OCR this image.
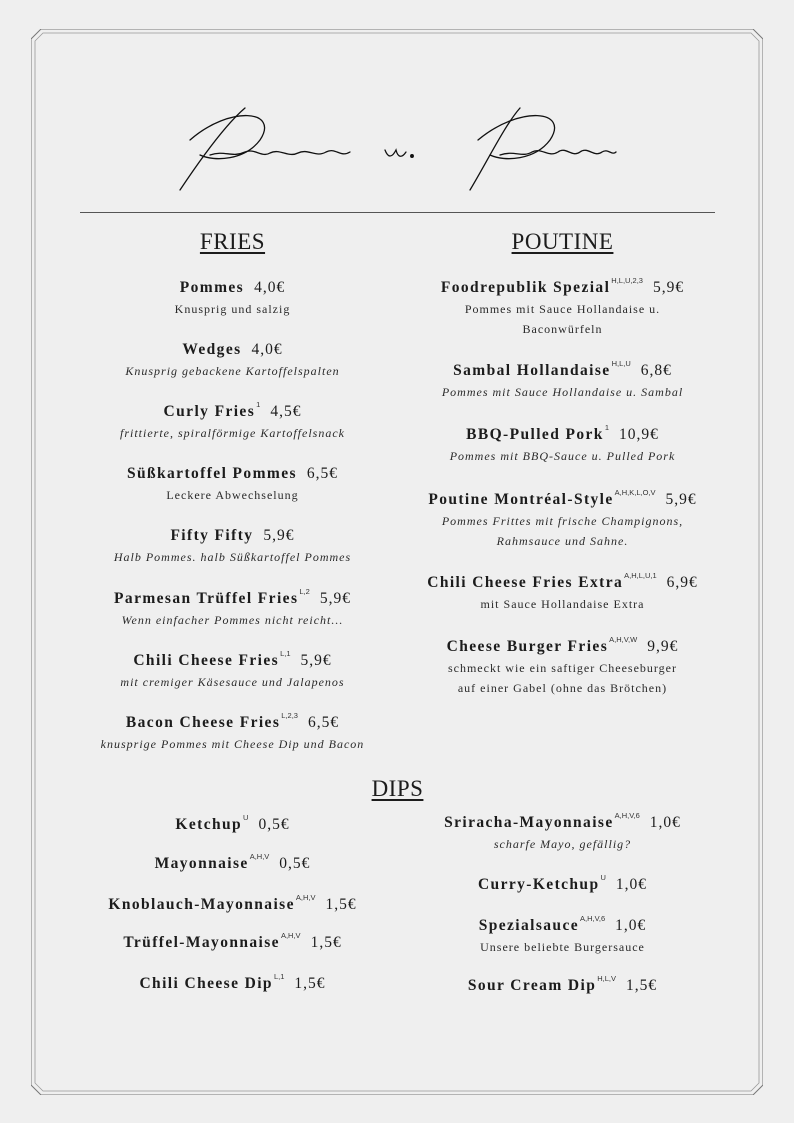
FRIES
Pommes 4,0€
Knusprig und salzig
Wedges 4,0€
Knusprig gebackene Kartoffelspalten
Curly Fries$^1$ 4,5€
frittierte, spiralförmige Kartoffelsnack
Süßkartoffel Pommes 6,5€
Leckere Abwechselung
Fifty Fifty 5,9€
Halb Pommes. halb Süßkartoffel Pommes
Parmesan Trüffel Fries$^{L,2}$ 5,9€
Wenn einfacher Pommes nicht reicht...
Chili Cheese Fries$^{L,1}$ 5,9€
mit cremiger Käsesauce und Jalapenos
Bacon Cheese Fries$^{L,2,3}$ 6,5€
knusprige Pommes mit Cheese Dip und Bacon
POUTINE
Foodrepublik Spezial$^{H,L,U,2,3}$ 5,9€
Pommes mit Sauce Hollandaise u.
Baconwürfeln
Sambal Hollandaise$^{H,L,U}$ 6,8€
Pommes mit Sauce Hollandaise u. Sambal
BBQ-Pulled Pork$^1$ 10,9€
Pommes mit BBQ-Sauce u. Pulled Pork
Poutine Montréal-Style$^{A,H,K,L,O,V}$ 5,9€
Pommes Frittes mit frische Champignons,
Rahmsauce und Sahne.
Chili Cheese Fries Extra$^{A,H,L,U,1}$ 6,9€
mit Sauce Hollandaise Extra
Cheese Burger Fries$^{A,H,V,W}$ 9,9€
schmeckt wie ein saftiger Cheeseburger
auf einer Gabel (ohne das Brötchen)
DIPS
Ketchup$^U$ 0,5€
Mayonnaise$^{A,H,V}$ 0,5€
Knoblauch-Mayonnaise$^{A,H,V}$ 1,5€
Trüffel-Mayonnaise$^{A,H,V}$ 1,5€
Chili Cheese Dip$^{L,1}$ 1,5€
Sriracha-Mayonnaise$^{A,H,V,6}$ 1,0€
scharfe Mayo, gefällig?
Curry-Ketchup$^U$ 1,0€
Spezialsauce$^{A,H,V,6}$ 1,0€
Unsere beliebte Burgersauce
Sour Cream Dip$^{H,L,V}$ 1,5€
